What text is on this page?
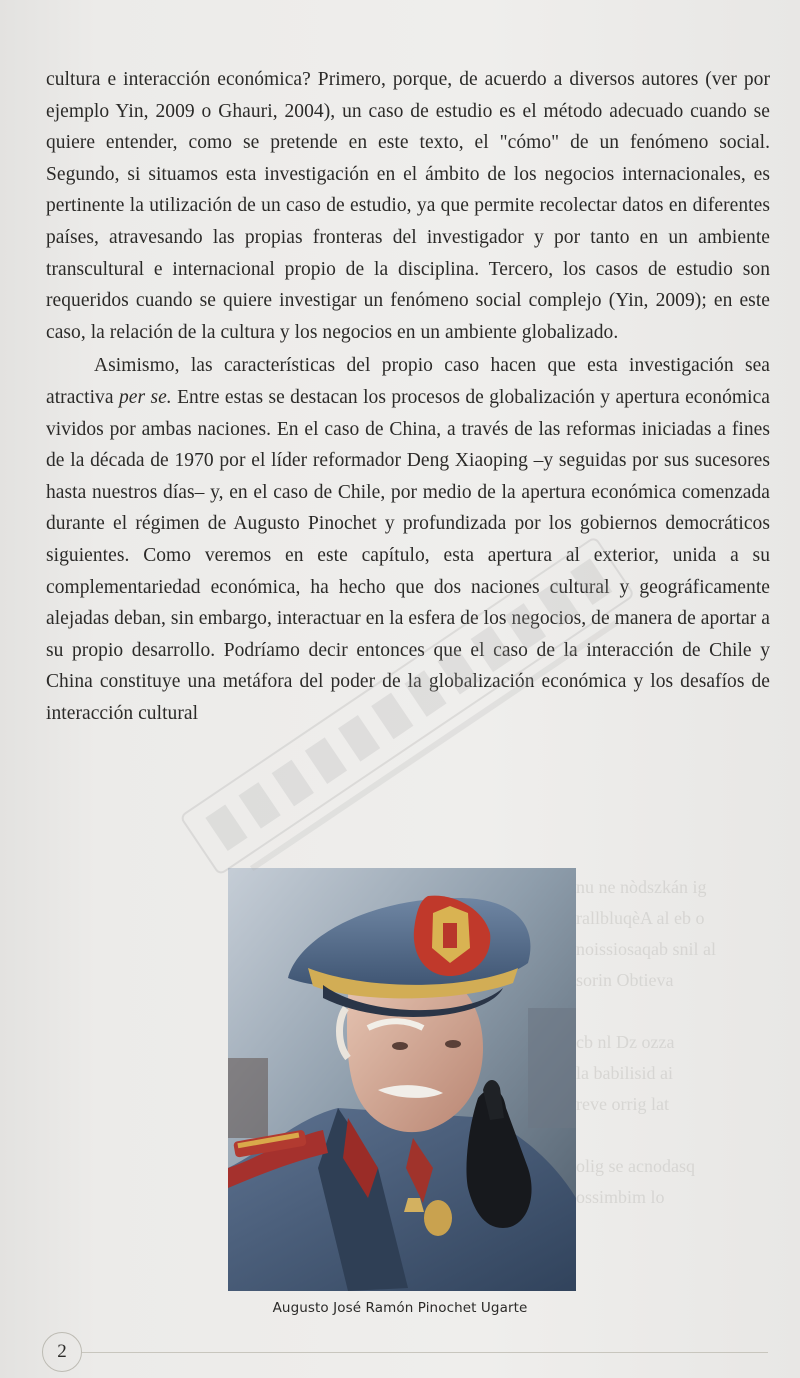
cultura e interacción económica? Primero, porque, de acuerdo a diversos autores (ver por ejemplo Yin, 2009 o Ghauri, 2004), un caso de estudio es el método adecuado cuando se quiere entender, como se pretende en este texto, el "cómo" de un fenómeno social. Segundo, si situamos esta investigación en el ámbito de los negocios internacionales, es pertinente la utilización de un caso de estudio, ya que permite recolectar datos en diferentes países, atravesando las propias fronteras del investigador y por tanto en un ambiente transcultural e internacional propio de la disciplina. Tercero, los casos de estudio son requeridos cuando se quiere investigar un fenómeno social complejo (Yin, 2009); en este caso, la relación de la cultura y los negocios en un ambiente globalizado.

Asimismo, las características del propio caso hacen que esta investigación sea atractiva per se. Entre estas se destacan los procesos de globalización y apertura económica vividos por ambas naciones. En el caso de China, a través de las reformas iniciadas a fines de la década de 1970 por el líder reformador Deng Xiaoping –y seguidas por sus sucesores hasta nuestros días– y, en el caso de Chile, por medio de la apertura económica comenzada durante el régimen de Augusto Pinochet y profundizada por los gobiernos democráticos siguientes. Como veremos en este capítulo, esta apertura al exterior, unida a su complementariedad económica, ha hecho que dos naciones cultural y geográficamente alejadas deban, sin embargo, interactuar en la esfera de los negocios, de manera de aportar a su propio desarrollo. Podríamo decir entonces que el caso de la interacción de Chile y China constituye una metáfora del poder de la globalización económica y los desafíos de interacción cultural

nu ne nòdszkán ig
rallbluqèA al eb o
noissiosaqab snil al
sorin Obtieva

cb nl Dz ozza
la babilisid ai
reve orrig lat

olig se acnodasq
ossimbim lo
Augusto José Ramón Pinochet Ugarte
2
